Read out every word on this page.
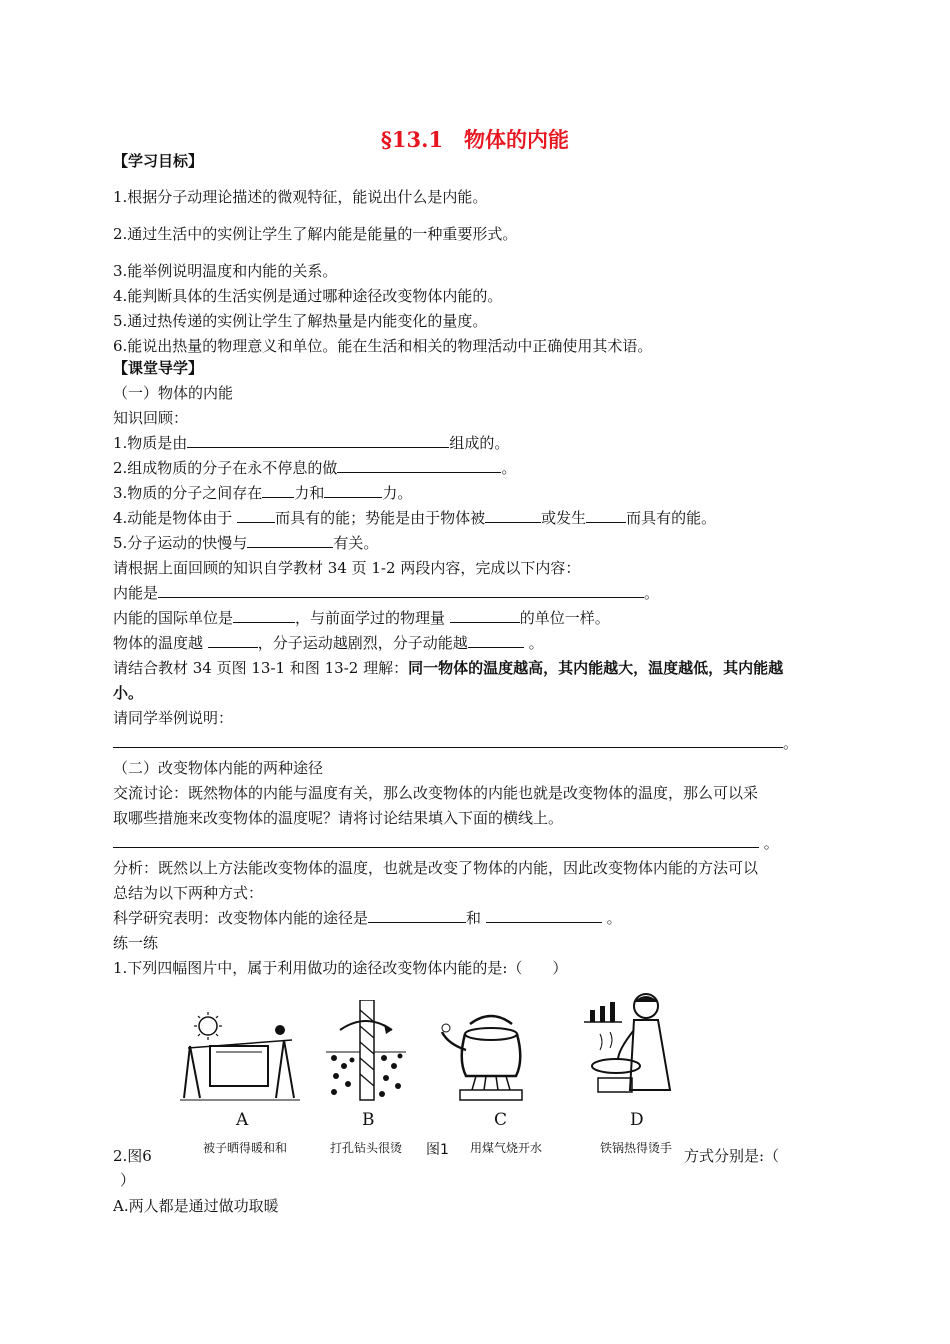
§13.1　物体的内能
【学习目标】
1.根据分子动理论描述的微观特征，能说出什么是内能。
2.通过生活中的实例让学生了解内能是能量的一种重要形式。
3.能举例说明温度和内能的关系。
4.能判断具体的生活实例是通过哪种途径改变物体内能的。
5.通过热传递的实例让学生了解热量是内能变化的量度。
6.能说出热量的物理意义和单位。能在生活和相关的物理活动中正确使用其术语。
【课堂导学】
（一）物体的内能
知识回顾：
1.物质是由	组成的。
2.组成物质的分子在永不停息的做	。
3.物质的分子之间存在 力和	力。
4.动能是物体由于	而具有的能；势能是由于物体被	或发生	而具有的能。
5.分子运动的快慢与	有关。
请根据上面回顾的知识自学教材 34 页 1-2 两段内容，完成以下内容：
内能是	。
内能的国际单位是	，与前面学过的物理量	的单位一样。
物体的温度越	，分子运动越剧烈，分子动能越	。
请结合教材 34 页图 13-1 和图 13-2 理解：同一物体的温度越高，其内能越大，温度越低，其内能越
小。
请同学举例说明：
。
（二）改变物体内能的两种途径
交流讨论：既然物体的内能与温度有关，那么改变物体的内能也就是改变物体的温度，那么可以采
取哪些措施来改变物体的温度呢？请将讨论结果填入下面的横线上。
。
分析：既然以上方法能改变物体的温度，也就是改变了物体的内能，因此改变物体内能的方法可以
总结为以下两种方式：
科学研究表明：改变物体内能的途径是	和	。
练一练
1.下列四幅图片中，属于利用做功的途径改变物体内能的是:（　　）
A	B	C	D
被子晒得暖和和	打孔钻头很烫 图1 用煤气烧开水	铁锅热得烫手
2.图6	方式分别是:（
）
A.两人都是通过做功取暖
